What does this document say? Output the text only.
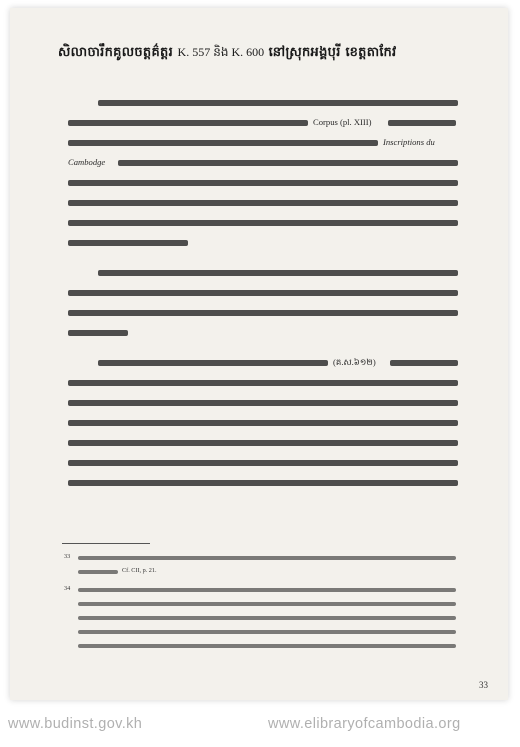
សិលាចារឹកគូលចត្តគ៌ត្តរ K. 557 និង K. 600 នៅស្រុកអង្គបុរី ខេត្តតាកែវ
Corpus (pl. XIII)
Inscriptions du
Cambodge
(គ.ស.៦១២)
33
Cf. CII, p. 21.
34
33
www.budinst.gov.kh	www.elibraryofcambodia.org
